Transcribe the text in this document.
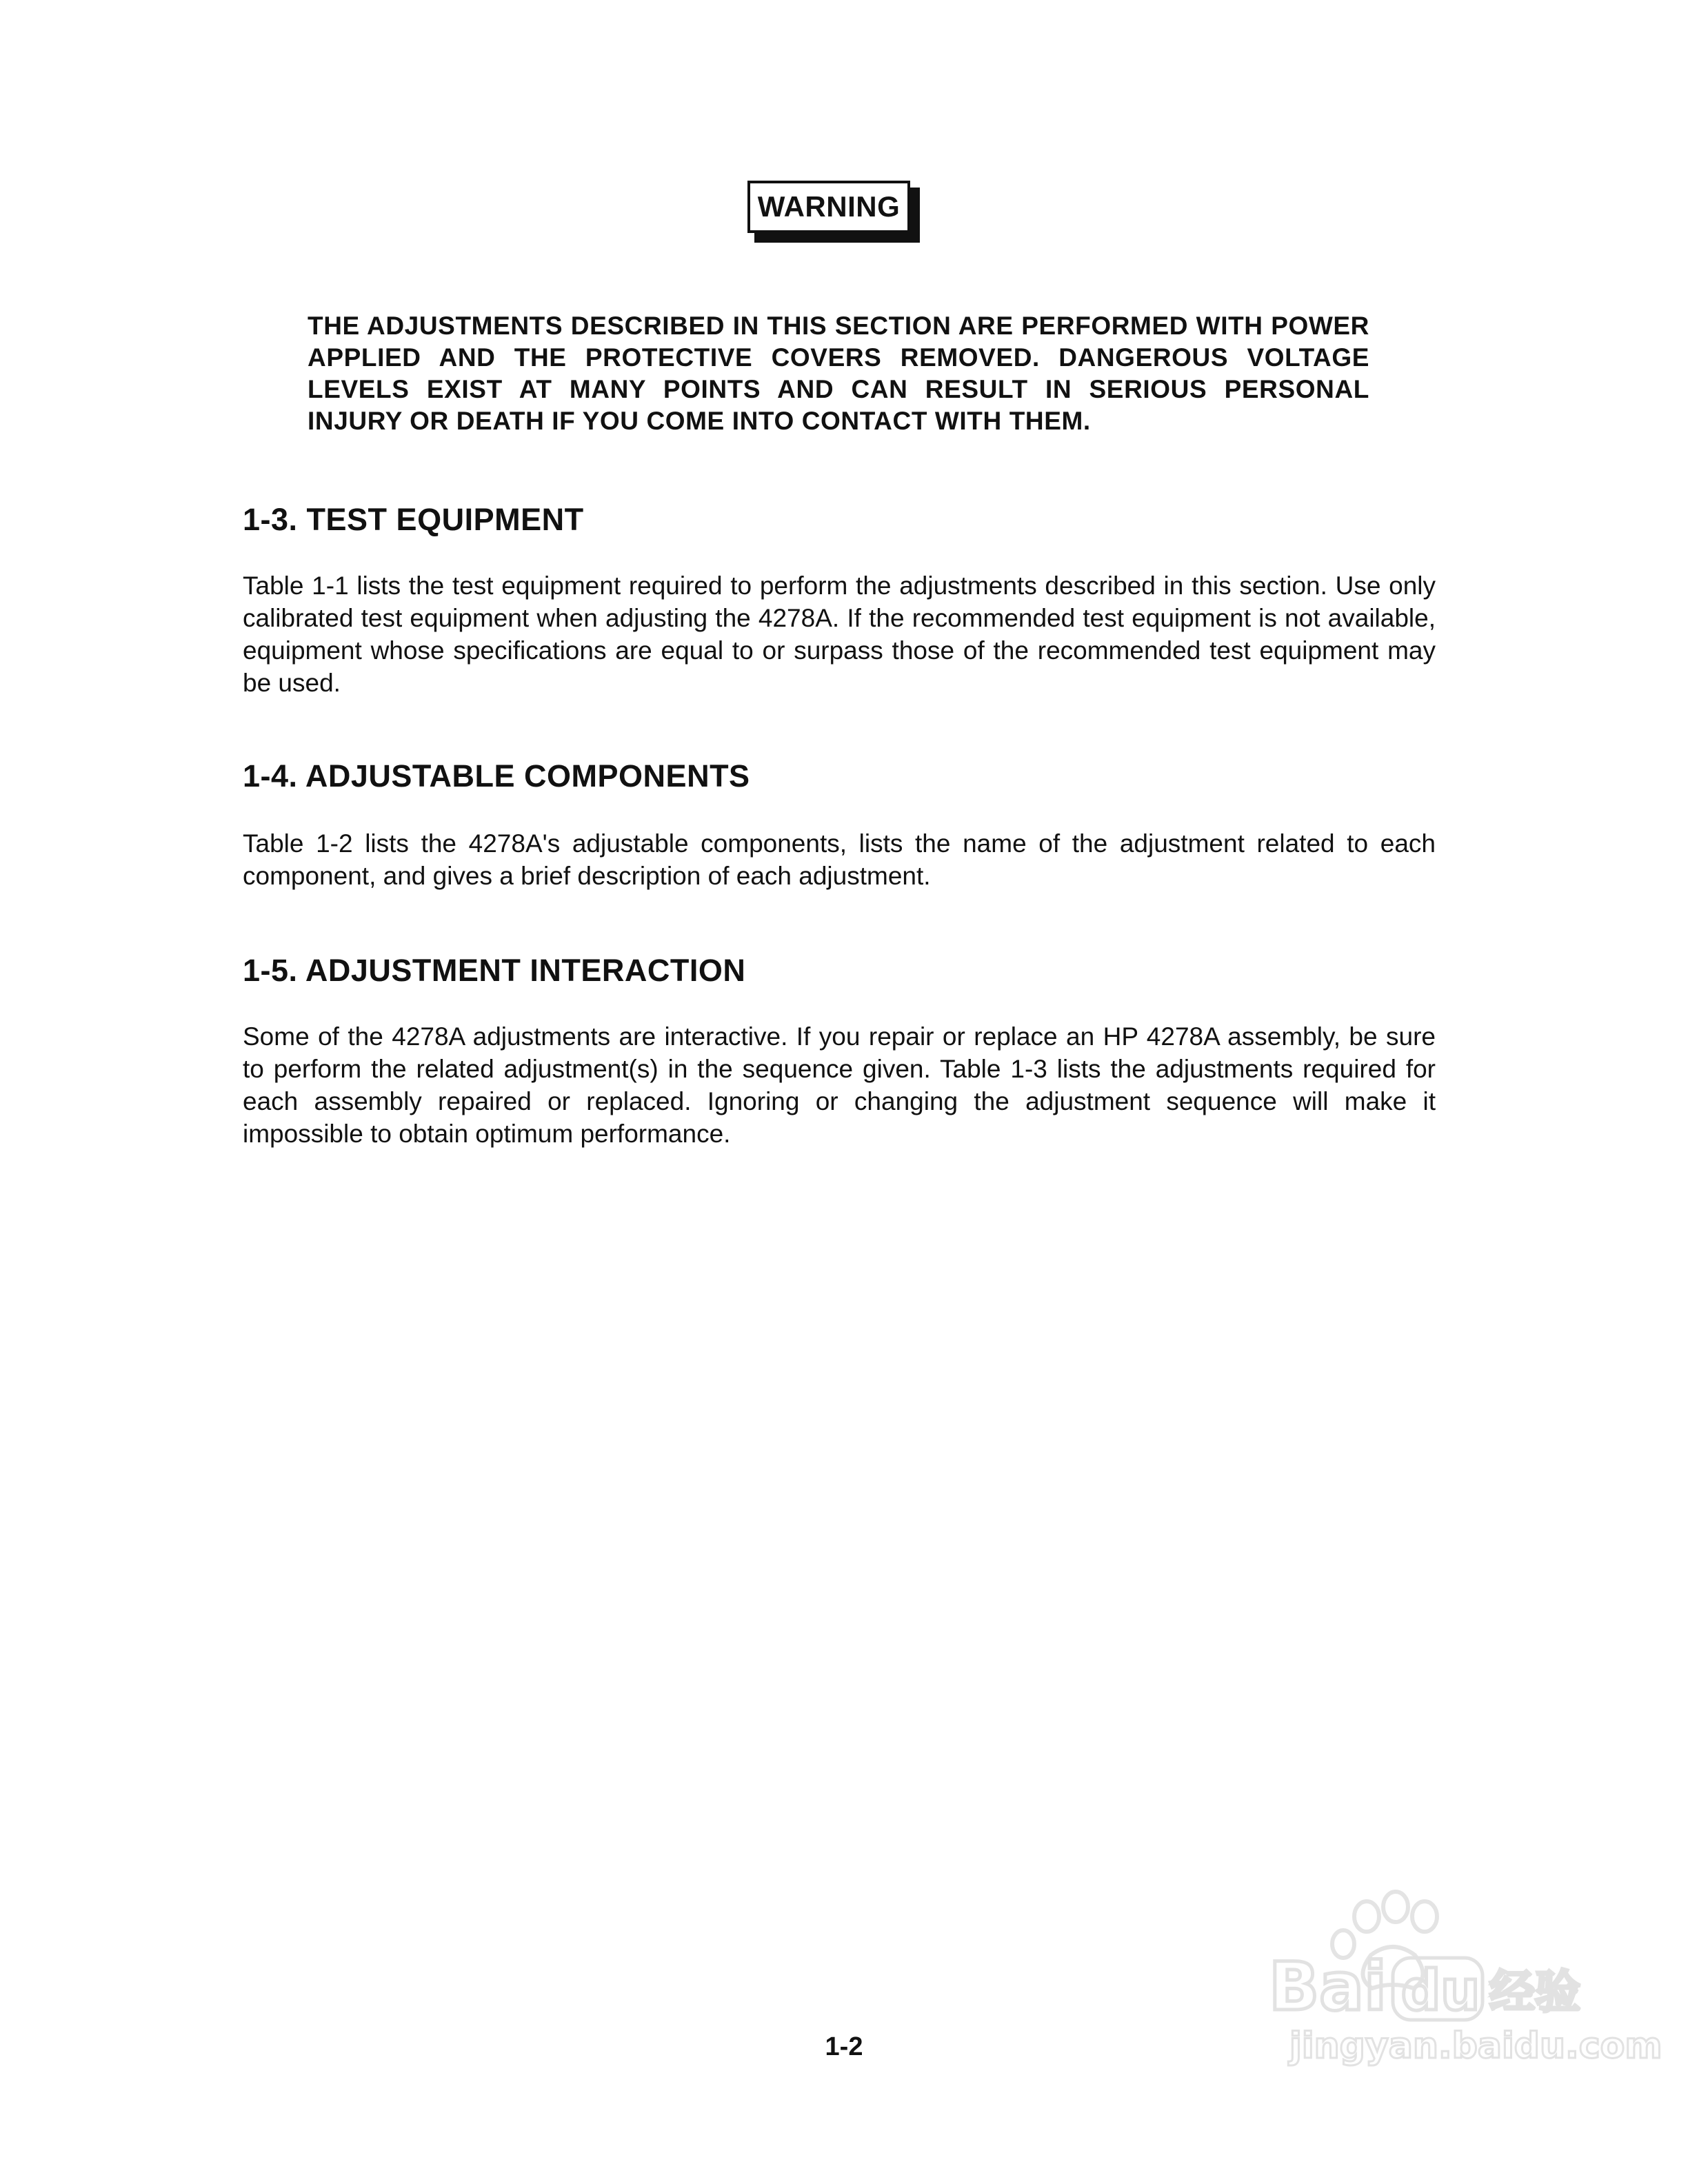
WARNING
THE ADJUSTMENTS DESCRIBED IN THIS SECTION ARE PERFORMED WITH POWER APPLIED AND THE PROTECTIVE COVERS REMOVED. DANGEROUS VOLTAGE LEVELS EXIST AT MANY POINTS AND CAN RESULT IN SERIOUS PERSONAL INJURY OR DEATH IF YOU COME INTO CONTACT WITH THEM.
1-3. TEST EQUIPMENT

Table 1-1 lists the test equipment required to perform the adjustments described in this section. Use only calibrated test equipment when adjusting the 4278A. If the recommended test equipment is not available, equipment whose specifications are equal to or surpass those of the recommended test equipment may be used.

1-4. ADJUSTABLE COMPONENTS

Table 1-2 lists the 4278A's adjustable components, lists the name of the adjustment related to each component, and gives a brief description of each adjustment.

1-5. ADJUSTMENT INTERACTION

Some of the 4278A adjustments are interactive. If you repair or replace an HP 4278A assembly, be sure to perform the related adjustment(s) in the sequence given. Table 1-3 lists the adjustments required for each assembly repaired or replaced. Ignoring or changing the adjustment sequence will make it impossible to obtain optimum performance.

1-2
Bai du 经验
jingyan.baidu.com
